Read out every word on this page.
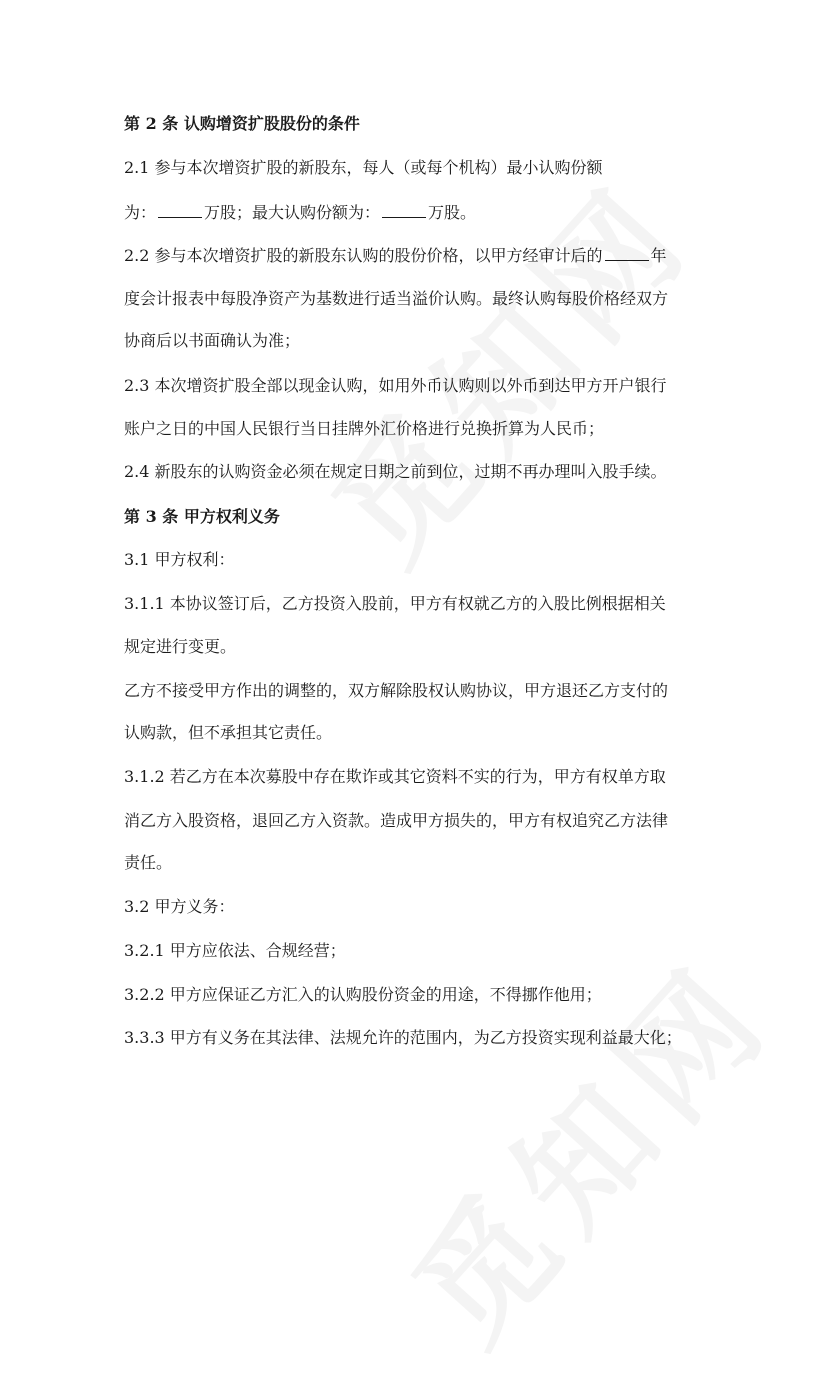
第 2 条 认购增资扩股股份的条件
2.1 参与本次增资扩股的新股东，每人（或每个机构）最小认购份额
为：	万股；最大认购份额为：	万股。
2.2 参与本次增资扩股的新股东认购的股份价格，以甲方经审计后的	年
度会计报表中每股净资产为基数进行适当溢价认购。最终认购每股价格经双方
协商后以书面确认为准；
2.3 本次增资扩股全部以现金认购，如用外币认购则以外币到达甲方开户银行
账户之日的中国人民银行当日挂牌外汇价格进行兑换折算为人民币；
2.4 新股东的认购资金必须在规定日期之前到位，过期不再办理叫入股手续。
第 3 条 甲方权利义务
3.1 甲方权利：
3.1.1 本协议签订后，乙方投资入股前，甲方有权就乙方的入股比例根据相关
规定进行变更。
乙方不接受甲方作出的调整的，双方解除股权认购协议，甲方退还乙方支付的
认购款，但不承担其它责任。
3.1.2 若乙方在本次募股中存在欺诈或其它资料不实的行为，甲方有权单方取
消乙方入股资格，退回乙方入资款。造成甲方损失的，甲方有权追究乙方法律
责任。
3.2 甲方义务：
3.2.1 甲方应依法、合规经营；
3.2.2 甲方应保证乙方汇入的认购股份资金的用途，不得挪作他用；
3.3.3 甲方有义务在其法律、法规允许的范围内，为乙方投资实现利益最大化；
